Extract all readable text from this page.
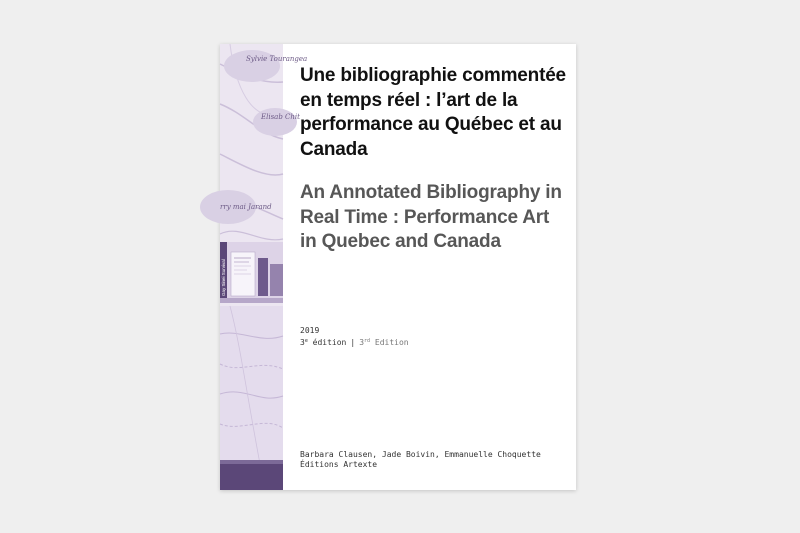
Sylvie Tourangea
Elisab Chit
rry mai Jarand
Gay Sinei Survival
Une bibliographie commentée en temps réel : l’art de la performance au Québec et au Canada
An Annotated Bibliography in Real Time : Performance Art in Quebec and Canada
2019
3e édition | 3rd Edition
Barbara Clausen, Jade Boivin, Emmanuelle Choquette
Éditions Artexte
